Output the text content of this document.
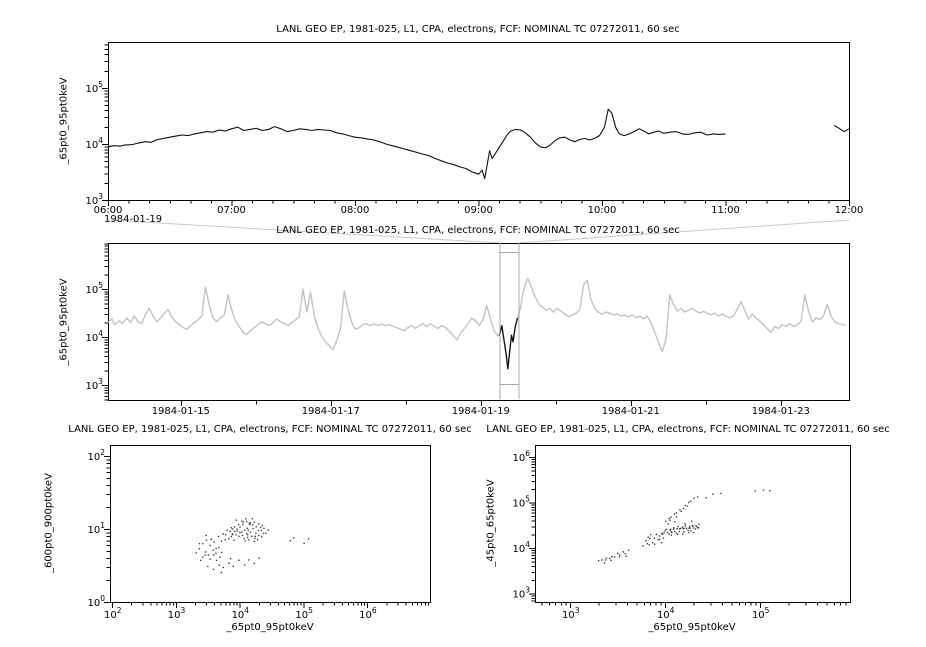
$10^3$
$10^4$
$10^5$
06:00	07:00	08:00	09:00	10:00	11:00	12:00
$10^3$
$10^4$
$10^5$
1984-01-15	1984-01-17	1984-01-19	1984-01-21	1984-01-23
$10^0$
$10^1$
$10^2$
$10^2$	$10^3$	$10^4$	$10^5$	$10^6$
$10^3$
$10^4$
$10^5$
$10^6$
$10^3$	$10^4$	$10^5$
LANL GEO EP, 1981-025, L1, CPA, electrons, FCF: NOMINAL TC 07272011, 60 sec
LANL GEO EP, 1981-025, L1, CPA, electrons, FCF: NOMINAL TC 07272011, 60 sec
LANL GEO EP, 1981-025, L1, CPA, electrons, FCF: NOMINAL TC 07272011, 60 sec LANL GEO EP, 1981-025, L1, CPA, electrons, FCF: NOMINAL TC 07272011, 60 sec
_65pt0_95pt0keV
_65pt0_95pt0keV
_600pt0_900pt0keV	_45pt0_65pt0keV
1984-01-19
_65pt0_95pt0keV	_65pt0_95pt0keV
